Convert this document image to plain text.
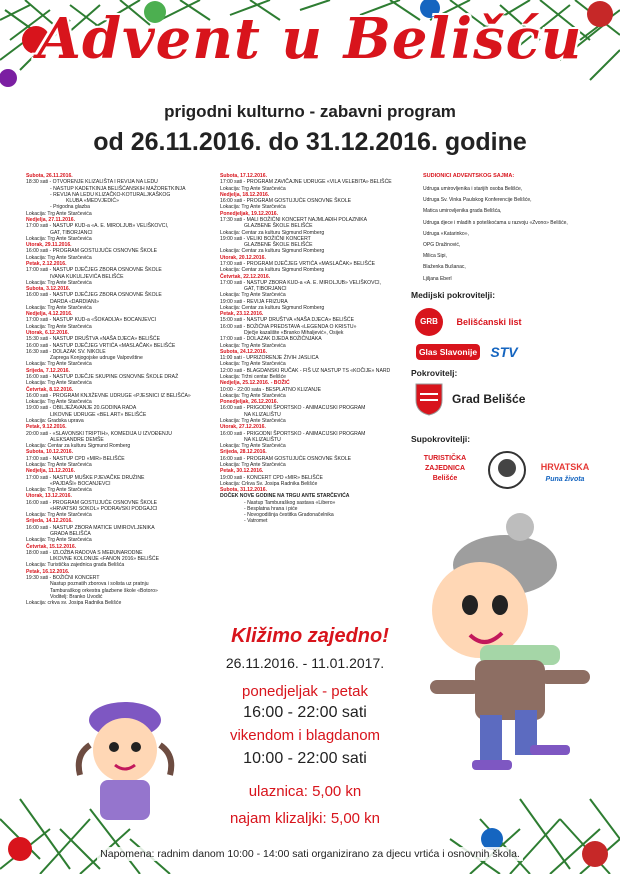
Advent u Belišću
prigodni kulturno - zabavni program
od 26.11.2016. do 31.12.2016. godine
Subota, 26.11.2016.
18:30 sati - OTVORENJE KLIZALIŠTA I REVIJA NA LEDU
- NASTUP KADETKINJA BELIŠĆANSKIH MAŽORETKINJA
- REVIJA NA LEDU KLIZAČKO-KOTURALJKAŠKOG
KLUBA «MEDVJEDIĆ»
- Prigodna glazba
Lokacija: Trg Ante Starčevića
Nedjelja, 27.11.2016.
17:00 sati - NASTUP KUD-a «A. E. MIROLJUB» VELIŠKOVCI,
GAT, TIBORJANCI
Lokacija: Trg Ante Starčevića
Utorak, 29.11.2016.
16:00 sati - PROGRAM GOSTUJUĆE OSNOVNE ŠKOLE
Lokacija: Trg Ante Starčevića
Petak, 2.12.2016.
17:00 sati - NASTUP DJEČJEG ZBORA OSNOVNE ŠKOLE
IVANA KUKULJEVIĆA BELIŠĆE
Lokacija: Trg Ante Starčevića
Subota, 3.12.2016.
16:00 sati - NASTUP DJEČJEG ZBORA OSNOVNE ŠKOLE
DARDA «DARDIANI»
Lokacija: Trg Ante Starčevića
Nedjelja, 4.12.2016.
17:00 sati - NASTUP KUD-a «ŠOKADIJA» BOCANJEVCI
Lokacija: Trg Ante Starčevića
Utorak, 6.12.2016.
15:30 sati - NASTUP DRUŠTVA «NAŠA DJECA» BELIŠĆE
16:00 sati - NASTUP DJEČJEG VRTIĆA «MASLAČAK» BELIŠĆE
16:30 sati - DOLAZAK SV. NIKOLE
Zaprega Konjogojske udruge Valpovštine
Lokacija: Trg Ante Starčevića
Srijeda, 7.12.2016.
16:00 sati - NASTUP DJEČJE SKUPINE OSNOVNE ŠKOLE DRAŽ
Lokacija: Trg Ante Starčevića
Četvrtak, 8.12.2016.
16:00 sati - PROGRAM KNJIŽEVNE UDRUGE «PJESNICI IZ BELIŠĆA»
Lokacija: Trg Ante Starčevića
19:00 sati - OBILJEŽAVANJE 20.GODINA RADA
LIKOVNE UDRUGE «BEL ART» BELIŠĆE
Lokacija: Gradska uprava
Petak, 9.12.2016.
20:00 sati - «SLAVONSKI TRIPTIH», KOMEDIJA U IZVOĐENJU
ALEKSANDRE DEMŠE
Lokacija: Centar za kulturu Sigmund Romberg
Subota, 10.12.2016.
17:00 sati - NASTUP CPD «MIR» BELIŠĆE
Lokacija: Trg Ante Starčevića
Nedjelja, 11.12.2016.
17:00 sati - NASTUP MUŠKE PJEVAČKE DRUŽINE
«PAJDAŠI» BOCANJEVCI
Lokacija: Trg Ante Starčevića
Utorak, 13.12.2016.
16:00 sati - PROGRAM GOSTUJUĆE OSNOVNE ŠKOLE
«HRVATSKI SOKOL» PODRAVSKI PODGAJCI
Lokacija: Trg Ante Starčevića
Srijeda, 14.12.2016.
16:00 sati - NASTUP ZBORA MATICE UMIROVLJENIKA
GRADA BELIŠĆA
Lokacija: Trg Ante Starčevića
Četvrtak, 15.12.2016.
18:00 sati - IZLOŽBA RADOVA S MEĐUNARODNE
LIKOVNE KOLONIJE «FANON 2016» BELIŠĆE
Lokacija: Turistička zajednica grada Belišća
Petak, 16.12.2016.
19:30 sati - BOŽIĆNI KONCERT
Nastup poznatih zborova i solista uz pratnju
Tamburaškog orkestra glazbene škole «Botoro»
Voditelj: Branko Uvodić
Lokacija: crkva sv. Josipa Radnika Belišće
Subota, 17.12.2016.
17:00 sati - PROGRAM ZAVIČAJNE UDRUGE «VILA VELEBITA» BELIŠĆE
Lokacija: Trg Ante Starčevića
Nedjelja, 18.12.2016.
16:00 sati - PROGRAM GOSTUJUĆE OSNOVNE ŠKOLE
Lokacija: Trg Ante Starčevića
Ponedjeljak, 19.12.2016.
17:30 sati - MALI BOŽIĆNI KONCERT NAJMLAĐIH POLAZNIKA
GLAZBENE ŠKOLE BELIŠĆE
Lokacija: Centar za kulturu Sigmund Romberg
19:00 sati - VELIKI BOŽIĆNI KONCERT
GLAZBENE ŠKOLE BELIŠĆE
Lokacija: Centar za kulturu Sigmund Romberg
Utorak, 20.12.2016.
17:00 sati - PROGRAM DJEČJEG VRTIĆA «MASLAČAK» BELIŠĆE
Lokacija: Centar za kulturu Sigmund Romberg
Četvrtak, 22.12.2016.
17:00 sati - NASTUP ZBORA KUD-a «A. E. MIROLJUB» VELIŠKOVCI,
GAT, TIBORJANCI
Lokacija: Trg Ante Starčevića
19:00 sati - REVIJA FRIZURA
Lokacija: Centar za kulturu Sigmund Romberg
Petak, 23.12.2016.
15:00 sati - NASTUP DRUŠTVA «NAŠA DJECA» BELIŠĆE
16:00 sati - BOŽIĆNA PREDSTAVA «LEGENDA O KRISTU»
Dječje kazalište «Branko Mihaljević», Osijek
17:00 sati - DOLAZAK DJEDA BOŽIĆNJAKA
Lokacija: Trg Ante Starčevića
Subota, 24.12.2016.
11:00 sati - UPRIZORENJE ŽIVIH JASLICA
Lokacija: Trg Ante Starčevića
12:00 sati - BLAGDANSKI RUČAK - FIŠ UZ NASTUP TS «KOČIJE» NARD
Lokacija: Tržni centar Belišće
Nedjelja, 25.12.2016. - BOŽIĆ
10:00 - 22:00 sata - BESPLATNO KLIZANJE
Lokacija: Trg Ante Starčevića
Ponedjeljak, 26.12.2016.
16:00 sati - PRIGODNI ŠPORTSKO - ANIMACIJSKI PROGRAM
NA KLIZALIŠTU
Lokacija: Trg Ante Starčevića
Utorak, 27.12.2016.
16:00 sati - PRIGODNI ŠPORTSKO - ANIMACIJSKI PROGRAM
NA KLIZALIŠTU
Lokacija: Trg Ante Starčevića
Srijeda, 28.12.2016.
16:00 sati - PROGRAM GOSTUJUĆE OSNOVNE ŠKOLE
Lokacija: Trg Ante Starčevića
Petak, 30.12.2016.
19:00 sati - KONCERT CPD «MIR» BELIŠĆE
Lokacija: Crkva Sv. Josipa Radnika Belišće
Subota, 31.12.2016.
DOČEK NOVE GODINE NA TRGU ANTE STARČEVIĆA
- Nastup Tamburaškog sastava «Libero»
- Besplatna hrana i piće
- Novogodišnja čestitka Gradonačelnika
- Vatromet
SUDIONICI ADVENTSKOG SAJMA:
Udruga umirovljenika i starijih osoba Belišće,
Udruga Sv. Vinka Paulskog Konferencije Belišće,
Matica umirovljenika grada Belišća,
Udruga djece i mladih s poteškoćama u razvoju «Zvono» Belišće,
Udruga «Katarinko»,
OPG Dražinović,
Milica Sipi,
Blaženka Bušanac,
Ljiljana Eberl
Medijski pokrovitelji:
GRB	Belišćanski list
Glas Slavonije STV
Pokrovitelj:
Grad Belišće
Supokrovitelji:
TURISTIČKA ZAJEDNICA Belišće
HRVATSKA
Puna života
Kližimo zajedno!
26.11.2016. - 11.01.2017.
ponedjeljak - petak
16:00 - 22:00 sati
vikendom i blagdanom
10:00 - 22:00 sati
ulaznica: 5,00 kn
najam klizaljki: 5,00 kn
Napomena: radnim danom 10:00 - 14:00 sati organizirano za djecu vrtića i osnovnih škola.
